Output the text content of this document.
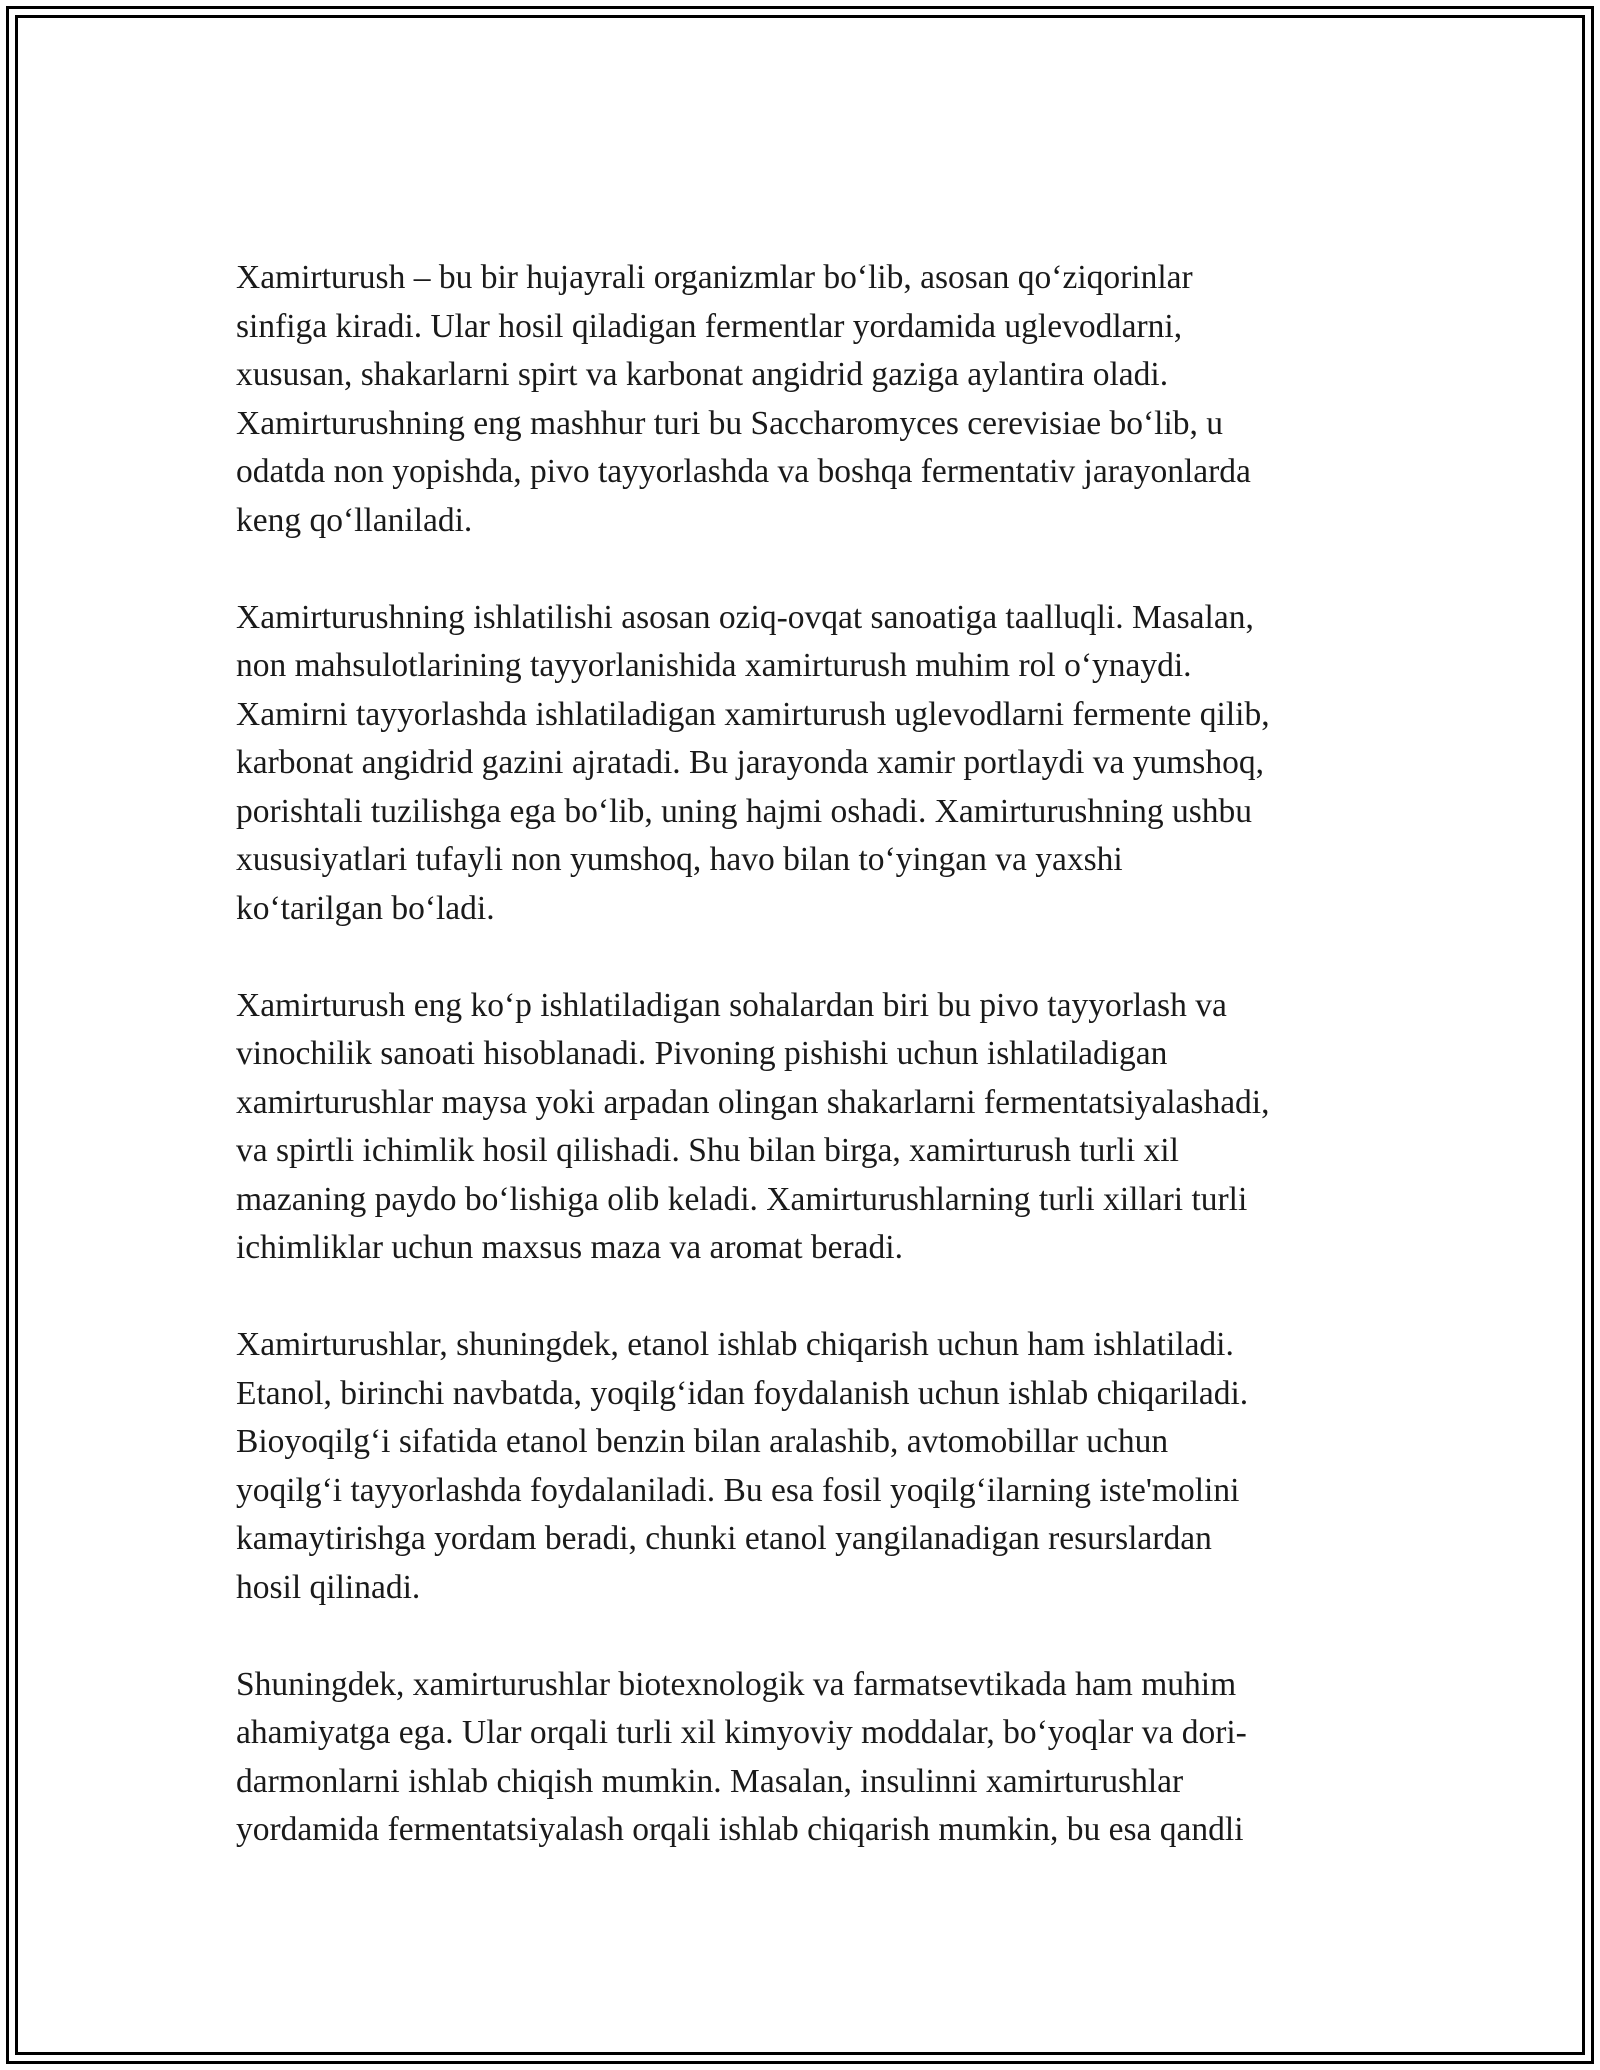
Xamirturush – bu bir hujayrali organizmlar bo‘lib, asosan qo‘ziqorinlar
sinfiga kiradi. Ular hosil qiladigan fermentlar yordamida uglevodlarni,
xususan, shakarlarni spirt va karbonat angidrid gaziga aylantira oladi.
Xamirturushning eng mashhur turi bu Saccharomyces cerevisiae bo‘lib, u
odatda non yopishda, pivo tayyorlashda va boshqa fermentativ jarayonlarda
keng qo‘llaniladi.

Xamirturushning ishlatilishi asosan oziq-ovqat sanoatiga taalluqli. Masalan,
non mahsulotlarining tayyorlanishida xamirturush muhim rol o‘ynaydi.
Xamirni tayyorlashda ishlatiladigan xamirturush uglevodlarni fermente qilib,
karbonat angidrid gazini ajratadi. Bu jarayonda xamir portlaydi va yumshoq,
porishtali tuzilishga ega bo‘lib, uning hajmi oshadi. Xamirturushning ushbu
xususiyatlari tufayli non yumshoq, havo bilan to‘yingan va yaxshi
ko‘tarilgan bo‘ladi.

Xamirturush eng ko‘p ishlatiladigan sohalardan biri bu pivo tayyorlash va
vinochilik sanoati hisoblanadi. Pivoning pishishi uchun ishlatiladigan
xamirturushlar maysa yoki arpadan olingan shakarlarni fermentatsiyalashadi,
va spirtli ichimlik hosil qilishadi. Shu bilan birga, xamirturush turli xil
mazaning paydo bo‘lishiga olib keladi. Xamirturushlarning turli xillari turli
ichimliklar uchun maxsus maza va aromat beradi.

Xamirturushlar, shuningdek, etanol ishlab chiqarish uchun ham ishlatiladi.
Etanol, birinchi navbatda, yoqilg‘idan foydalanish uchun ishlab chiqariladi.
Bioyoqilg‘i sifatida etanol benzin bilan aralashib, avtomobillar uchun
yoqilg‘i tayyorlashda foydalaniladi. Bu esa fosil yoqilg‘ilarning iste'molini
kamaytirishga yordam beradi, chunki etanol yangilanadigan resurslardan
hosil qilinadi.

Shuningdek, xamirturushlar biotexnologik va farmatsevtikada ham muhim
ahamiyatga ega. Ular orqali turli xil kimyoviy moddalar, bo‘yoqlar va dori-
darmonlarni ishlab chiqish mumkin. Masalan, insulinni xamirturushlar
yordamida fermentatsiyalash orqali ishlab chiqarish mumkin, bu esa qandli
